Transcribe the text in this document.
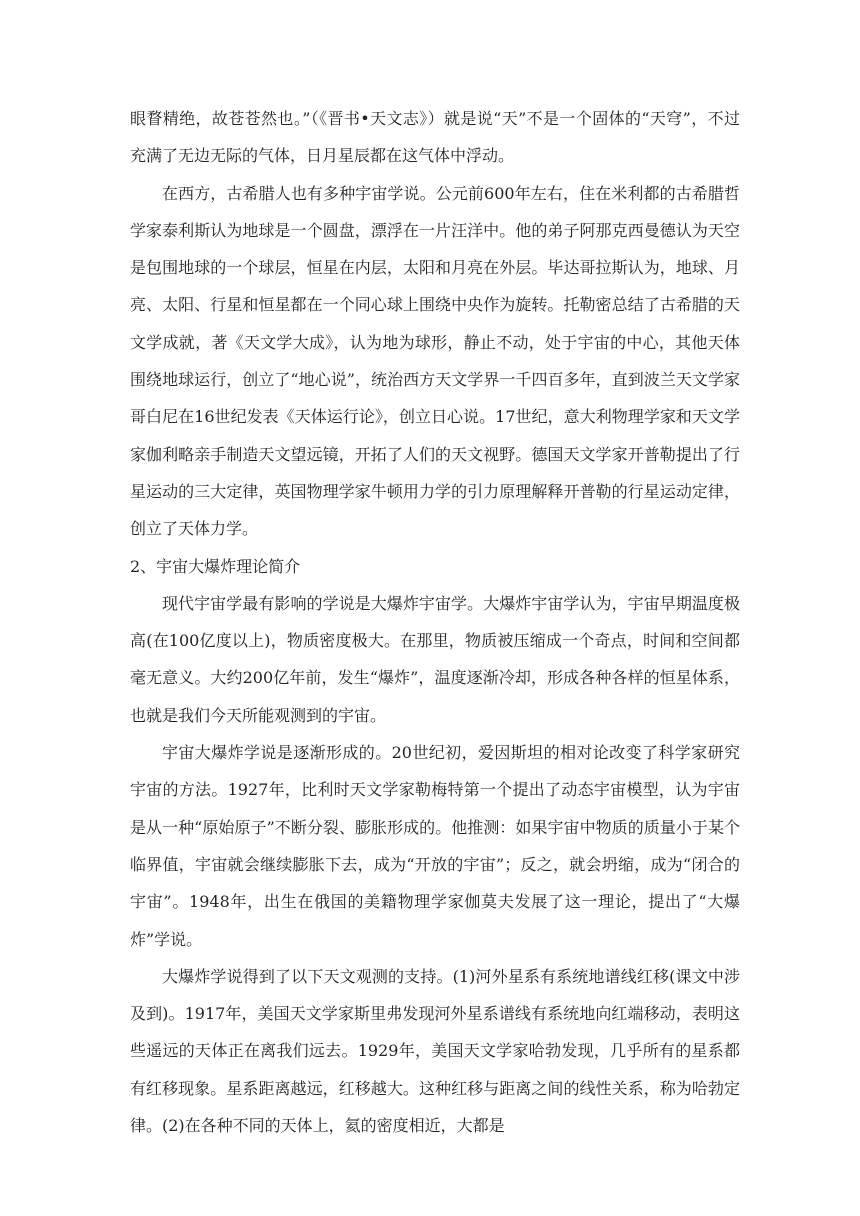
眼瞀精绝，故苍苍然也。”（《晋书•天文志》）就是说“天”不是一个固体的“天穹”，不过充满了无边无际的气体，日月星辰都在这气体中浮动。

在西方，古希腊人也有多种宇宙学说。公元前600年左右，住在米利都的古希腊哲学家泰利斯认为地球是一个圆盘，漂浮在一片汪洋中。他的弟子阿那克西曼德认为天空是包围地球的一个球层，恒星在内层，太阳和月亮在外层。毕达哥拉斯认为，地球、月亮、太阳、行星和恒星都在一个同心球上围绕中央作为旋转。托勒密总结了古希腊的天文学成就，著《天文学大成》，认为地为球形，静止不动，处于宇宙的中心，其他天体围绕地球运行，创立了“地心说”，统治西方天文学界一千四百多年，直到波兰天文学家哥白尼在16世纪发表《天体运行论》，创立日心说。17世纪，意大利物理学家和天文学家伽利略亲手制造天文望远镜，开拓了人们的天文视野。德国天文学家开普勒提出了行星运动的三大定律，英国物理学家牛顿用力学的引力原理解释开普勒的行星运动定律，创立了天体力学。

2、宇宙大爆炸理论简介

现代宇宙学最有影响的学说是大爆炸宇宙学。大爆炸宇宙学认为，宇宙早期温度极高(在100亿度以上)，物质密度极大。在那里，物质被压缩成一个奇点，时间和空间都毫无意义。大约200亿年前，发生“爆炸”，温度逐渐冷却，形成各种各样的恒星体系，也就是我们今天所能观测到的宇宙。

宇宙大爆炸学说是逐渐形成的。20世纪初，爱因斯坦的相对论改变了科学家研究宇宙的方法。1927年，比利时天文学家勒梅特第一个提出了动态宇宙模型，认为宇宙是从一种“原始原子”不断分裂、膨胀形成的。他推测：如果宇宙中物质的质量小于某个临界值，宇宙就会继续膨胀下去，成为“开放的宇宙”；反之，就会坍缩，成为“闭合的宇宙”。1948年，出生在俄国的美籍物理学家伽莫夫发展了这一理论，提出了“大爆炸”学说。

大爆炸学说得到了以下天文观测的支持。(1)河外星系有系统地谱线红移(课文中涉及到)。1917年，美国天文学家斯里弗发现河外星系谱线有系统地向红端移动，表明这些遥远的天体正在离我们远去。1929年，美国天文学家哈勃发现，几乎所有的星系都有红移现象。星系距离越远，红移越大。这种红移与距离之间的线性关系，称为哈勃定律。(2)在各种不同的天体上，氦的密度相近，大都是
